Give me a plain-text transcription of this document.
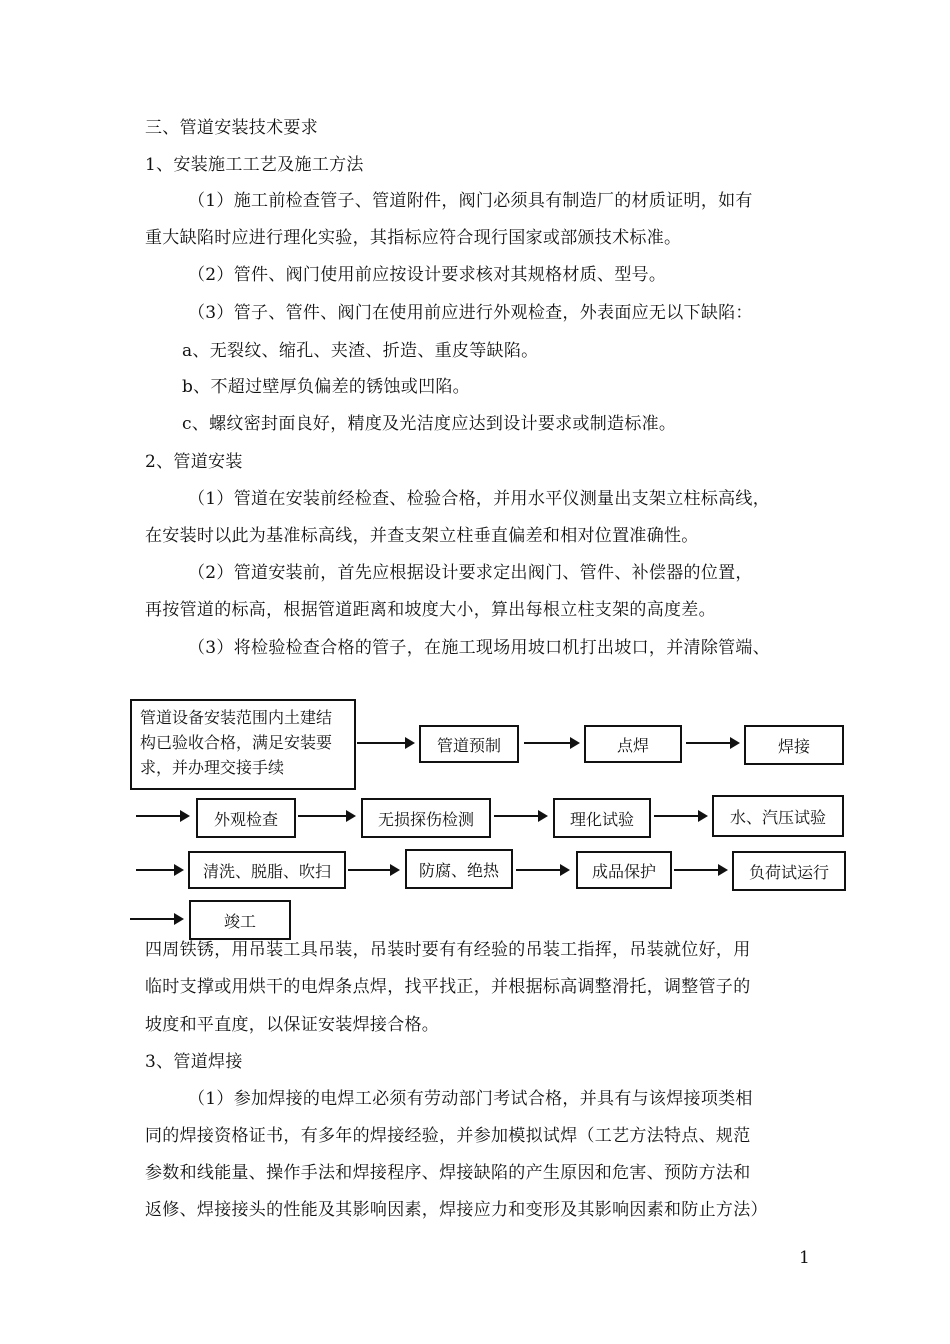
三、管道安装技术要求
1、安装施工工艺及施工方法
（1）施工前检查管子、管道附件，阀门必须具有制造厂的材质证明，如有
重大缺陷时应进行理化实验，其指标应符合现行国家或部颁技术标准。
（2）管件、阀门使用前应按设计要求核对其规格材质、型号。
（3）管子、管件、阀门在使用前应进行外观检查，外表面应无以下缺陷：
a、无裂纹、缩孔、夹渣、折造、重皮等缺陷。
b、不超过壁厚负偏差的锈蚀或凹陷。
c、螺纹密封面良好，精度及光洁度应达到设计要求或制造标准。
2、管道安装
（1）管道在安装前经检查、检验合格，并用水平仪测量出支架立柱标高线，
在安装时以此为基准标高线，并查支架立柱垂直偏差和相对位置准确性。
（2）管道安装前，首先应根据设计要求定出阀门、管件、补偿器的位置，
再按管道的标高，根据管道距离和坡度大小，算出每根立柱支架的高度差。
（3）将检验检查合格的管子，在施工现场用坡口机打出坡口，并清除管端、
管道设备安装范围内土建结构已验收合格，满足安装要求，并办理交接手续
管道预制	点焊	焊接
外观检查	无损探伤检测	理化试验	水、汽压试验
清洗、脱脂、吹扫	防腐、绝热	成品保护	负荷试运行
竣工
四周铁锈，用吊装工具吊装，吊装时要有有经验的吊装工指挥，吊装就位好，用
临时支撑或用烘干的电焊条点焊，找平找正，并根据标高调整滑托，调整管子的
坡度和平直度，以保证安装焊接合格。
3、管道焊接
（1）参加焊接的电焊工必须有劳动部门考试合格，并具有与该焊接项类相
同的焊接资格证书，有多年的焊接经验，并参加模拟试焊（工艺方法特点、规范
参数和线能量、操作手法和焊接程序、焊接缺陷的产生原因和危害、预防方法和
返修、焊接接头的性能及其影响因素，焊接应力和变形及其影响因素和防止方法）
1
